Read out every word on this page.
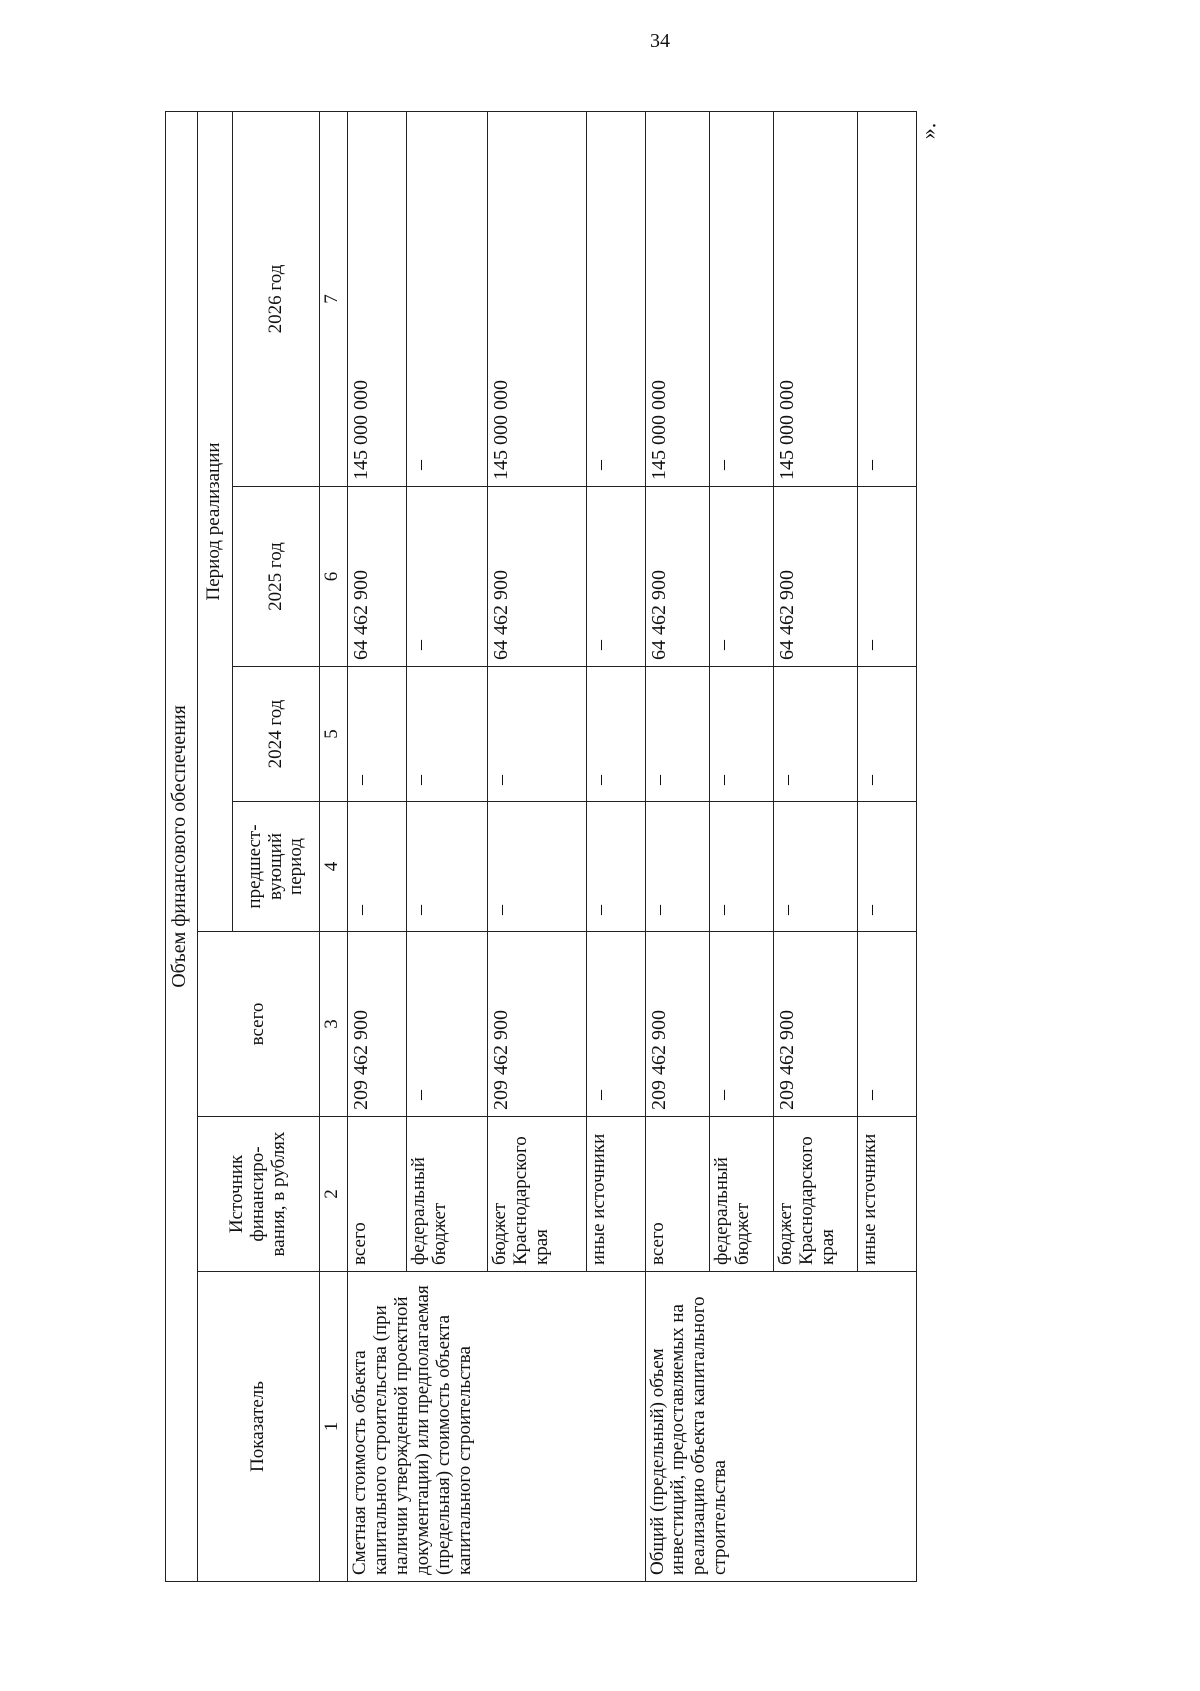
34
Объем финансового обеспечения						
Показатель	Источник финансиро-вания, в рублях	всего	Период реализации			
			предшест-вующий период	2024 год	2025 год	2026 год
1	2	3	4	5	6	7
Сметная стоимость объекта капитального строительства (при наличии утвержденной проектной документации) или предполагаемая (предельная) стоимость объекта капитального строительства	всего	209 462 900	–	–	64 462 900	145 000 000
	федеральный бюджет	–	–	–	–	–
	бюджет Краснодарского края	209 462 900	–	–	64 462 900	145 000 000
	иные источники	–	–	–	–	–
Общий (предельный) объем инвестиций, предоставляемых на реализацию объекта капитального строительства	всего	209 462 900	–	–	64 462 900	145 000 000
	федеральный бюджет	–	–	–	–	–
	бюджет Краснодарского края	209 462 900	–	–	64 462 900	145 000 000
	иные источники	–	–	–	–	–
».
